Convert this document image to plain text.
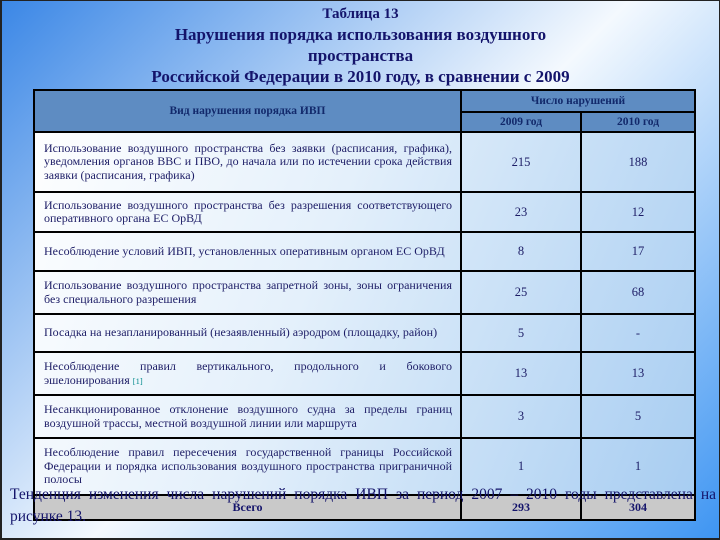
Таблица 13
Нарушения порядка использования воздушного пространства
Российской Федерации в 2010 году, в сравнении с 2009
Вид нарушения порядка ИВП	Число нарушений	
	2009 год	2010 год
Использование воздушного пространства без заявки (расписания, графика), уведомления органов ВВС и ПВО, до начала или по истечении срока действия заявки (расписания, графика)	215	188
Использование воздушного пространства без разрешения соответствующего оперативного органа ЕС ОрВД	23	12
Несоблюдение условий ИВП, установленных оперативным органом ЕС ОрВД	8	17
Использование воздушного пространства запретной зоны, зоны ограничения без специального разрешения	25	68
Посадка на незапланированный (незаявленный) аэродром (площадку, район)	5	-
Несоблюдение правил вертикального, продольного и бокового эшелонирования [1]	13	13
Несанкционированное отклонение воздушного судна за пределы границ воздушной трассы, местной воздушной линии или маршрута	3	5
Несоблюдение правил пересечения государственной границы Российской Федерации и порядка использования воздушного пространства приграничной полосы	1	1
Всего	293	304

Тенденция изменения числа нарушений порядка ИВП за период 2007 – 2010 годы представлена на рисунке 13.
